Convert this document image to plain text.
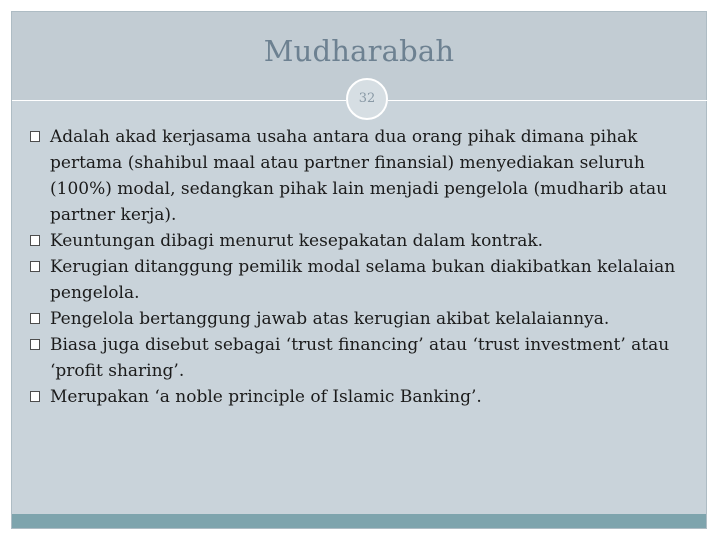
Mudharabah
32
Adalah akad kerjasama usaha antara dua orang pihak dimana pihak pertama (shahibul maal atau partner finansial) menyediakan seluruh (100%) modal, sedangkan pihak lain menjadi pengelola (mudharib atau partner kerja).
Keuntungan dibagi menurut kesepakatan dalam kontrak.
Kerugian ditanggung pemilik modal selama bukan diakibatkan kelalaian pengelola.
Pengelola bertanggung jawab atas kerugian akibat kelalaiannya.
Biasa juga disebut sebagai ‘trust financing’ atau ‘trust investment’ atau ‘profit sharing’.
Merupakan ‘a noble principle of Islamic Banking’.
